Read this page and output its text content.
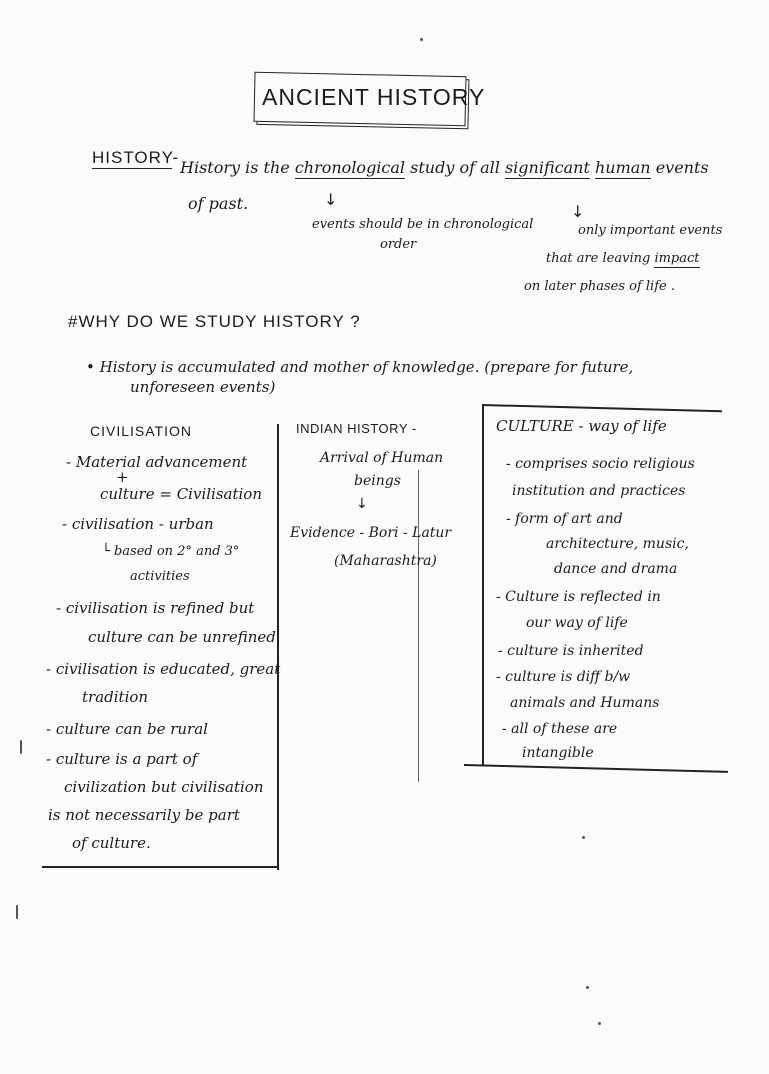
ANCIENT HISTORY
HISTORY-
History is the chronological study of all significant human events
of past.	↓
events should be in chronological
order
↓
only important events
that are leaving impact
on later phases of life .
#WHY DO WE STUDY HISTORY ?
• History is accumulated and mother of knowledge. (prepare for future,
unforeseen events)
CIVILISATION
- Material advancement
+
culture = Civilisation
- civilisation - urban
└ based on 2° and 3°
activities
- civilisation is refined but
culture can be unrefined
- civilisation is educated, great
tradition
- culture can be rural
- culture is a part of
civilization but civilisation
is not necessarily be part
of culture.
INDIAN HISTORY -
Arrival of Human
beings
↓
Evidence - Bori - Latur
(Maharashtra)
CULTURE - way of life
- comprises socio religious
institution and practices
- form of art and
architecture, music,
dance and drama
- Culture is reflected in
our way of life
- culture is inherited
- culture is diff b/w
animals and Humans
- all of these are
intangible
